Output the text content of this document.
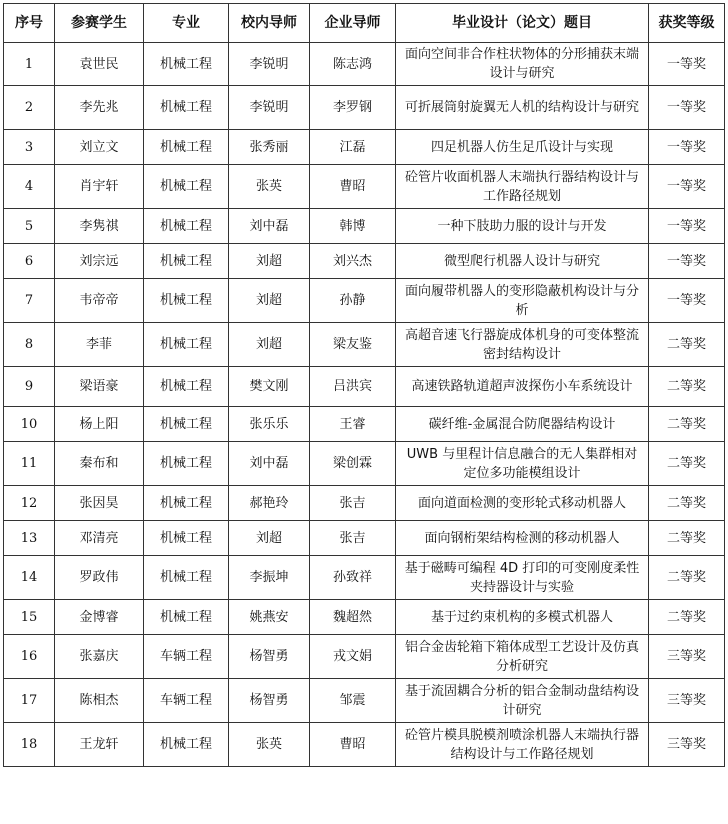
序号	参赛学生	专业	校内导师	企业导师	毕业设计（论文）题目	获奖等级
1	袁世民	机械工程	李锐明	陈志鸿	面向空间非合作柱状物体的分形捕获末端设计与研究	一等奖
2	李先兆	机械工程	李锐明	李罗钢	可折展筒射旋翼无人机的结构设计与研究	一等奖
3	刘立文	机械工程	张秀丽	江磊	四足机器人仿生足爪设计与实现	一等奖
4	肖宇轩	机械工程	张英	曹昭	砼管片收面机器人末端执行器结构设计与工作路径规划	一等奖
5	李隽祺	机械工程	刘中磊	韩博	一种下肢助力服的设计与开发	一等奖
6	刘宗远	机械工程	刘超	刘兴杰	微型爬行机器人设计与研究	一等奖
7	韦帝帝	机械工程	刘超	孙静	面向履带机器人的变形隐蔽机构设计与分析	一等奖
8	李菲	机械工程	刘超	梁友鉴	高超音速飞行器旋成体机身的可变体整流密封结构设计	二等奖
9	梁语豪	机械工程	樊文刚	吕洪宾	高速铁路轨道超声波探伤小车系统设计	二等奖
10	杨上阳	机械工程	张乐乐	王睿	碳纤维-金属混合防爬器结构设计	二等奖
11	秦布和	机械工程	刘中磊	梁创霖	UWB 与里程计信息融合的无人集群相对定位多功能模组设计	二等奖
12	张因昊	机械工程	郝艳玲	张吉	面向道面检测的变形轮式移动机器人	二等奖
13	邓清亮	机械工程	刘超	张吉	面向钢桁架结构检测的移动机器人	二等奖
14	罗政伟	机械工程	李振坤	孙致祥	基于磁畴可编程 4D 打印的可变刚度柔性夹持器设计与实验	二等奖
15	金博睿	机械工程	姚燕安	魏超然	基于过约束机构的多模式机器人	二等奖
16	张嘉庆	车辆工程	杨智勇	戎文娟	铝合金齿轮箱下箱体成型工艺设计及仿真分析研究	三等奖
17	陈相杰	车辆工程	杨智勇	邹震	基于流固耦合分析的铝合金制动盘结构设计研究	三等奖
18	王龙轩	机械工程	张英	曹昭	砼管片模具脱模剂喷涂机器人末端执行器结构设计与工作路径规划	三等奖
